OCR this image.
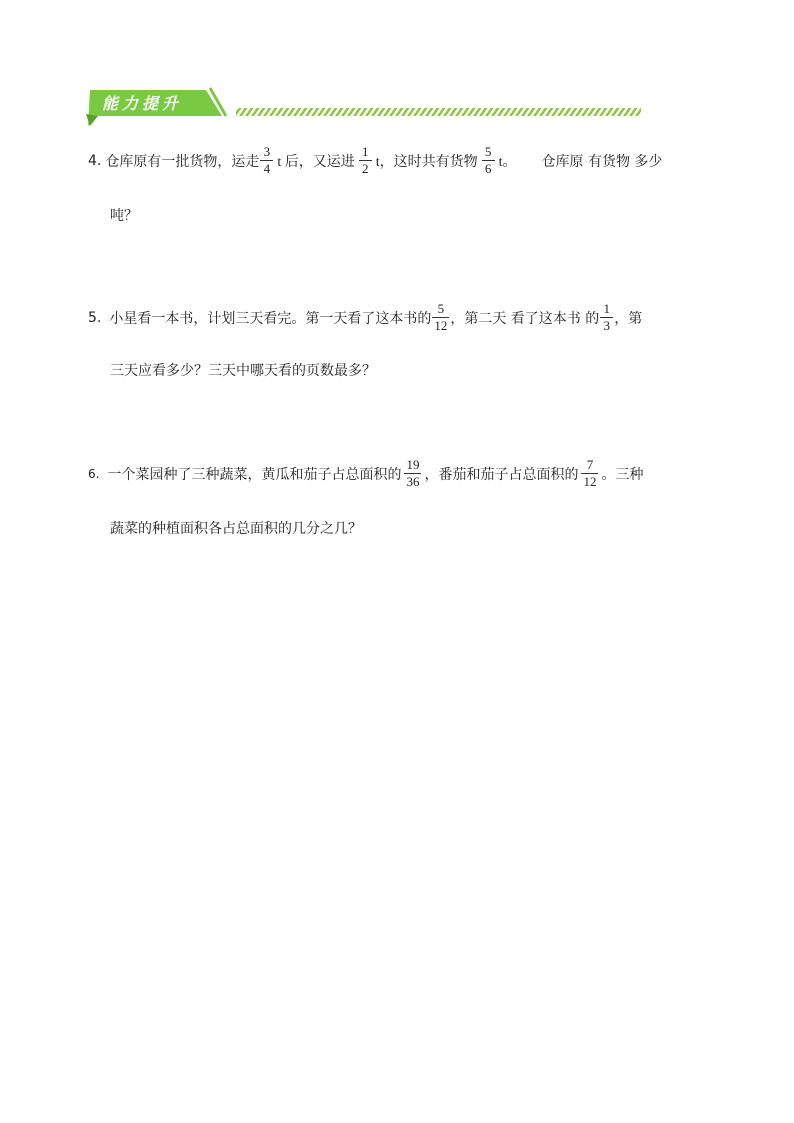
能力提升
4. 仓库原有一批货物，运走 $\frac{3}{4}$ t 后，又运进 $\frac{1}{2}$ t，这时共有货物 $\frac{5}{6}$ t。 仓库原 有货物 多少
吨？
5. 小星看一本书，计划三天看完。第一天看了这本书的 $\frac{5}{12}$ ，第二天 看了这本书 的 $\frac{1}{3}$ ，第
三天应看多少？三天中哪天看的页数最多？
6. 一个菜园种了三种蔬菜，黄瓜和茄子占总面积的 $\frac{19}{36}$ ，番茄和茄子占总面积的 $\frac{7}{12}$ 。三种
蔬菜的种植面积各占总面积的几分之几？
